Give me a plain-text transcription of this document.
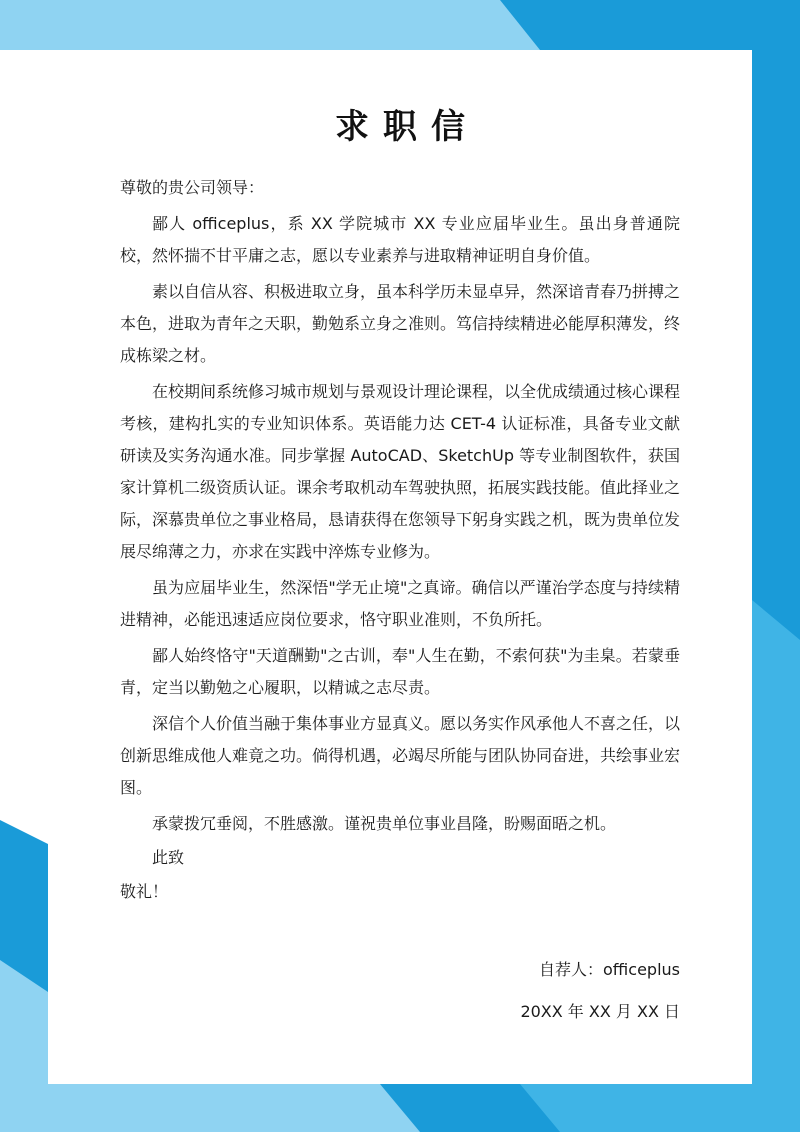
求职信

尊敬的贵公司领导：

鄙人 officeplus，系 XX 学院城市 XX 专业应届毕业生。虽出身普通院校，然怀揣不甘平庸之志，愿以专业素养与进取精神证明自身价值。

素以自信从容、积极进取立身，虽本科学历未显卓异，然深谙青春乃拼搏之本色，进取为青年之天职，勤勉系立身之准则。笃信持续精进必能厚积薄发，终成栋梁之材。

在校期间系统修习城市规划与景观设计理论课程，以全优成绩通过核心课程考核，建构扎实的专业知识体系。英语能力达 CET-4 认证标准，具备专业文献研读及实务沟通水准。同步掌握 AutoCAD、SketchUp 等专业制图软件，获国家计算机二级资质认证。课余考取机动车驾驶执照，拓展实践技能。值此择业之际，深慕贵单位之事业格局，恳请获得在您领导下躬身实践之机，既为贵单位发展尽绵薄之力，亦求在实践中淬炼专业修为。

虽为应届毕业生，然深悟"学无止境"之真谛。确信以严谨治学态度与持续精进精神，必能迅速适应岗位要求，恪守职业准则，不负所托。

鄙人始终恪守"天道酬勤"之古训，奉"人生在勤，不索何获"为圭臬。若蒙垂青，定当以勤勉之心履职，以精诚之志尽责。

深信个人价值当融于集体事业方显真义。愿以务实作风承他人不喜之任，以创新思维成他人难竟之功。倘得机遇，必竭尽所能与团队协同奋进，共绘事业宏图。

承蒙拨冗垂阅，不胜感激。谨祝贵单位事业昌隆，盼赐面晤之机。

此致

敬礼！

自荐人：officeplus

20XX 年 XX 月 XX 日
